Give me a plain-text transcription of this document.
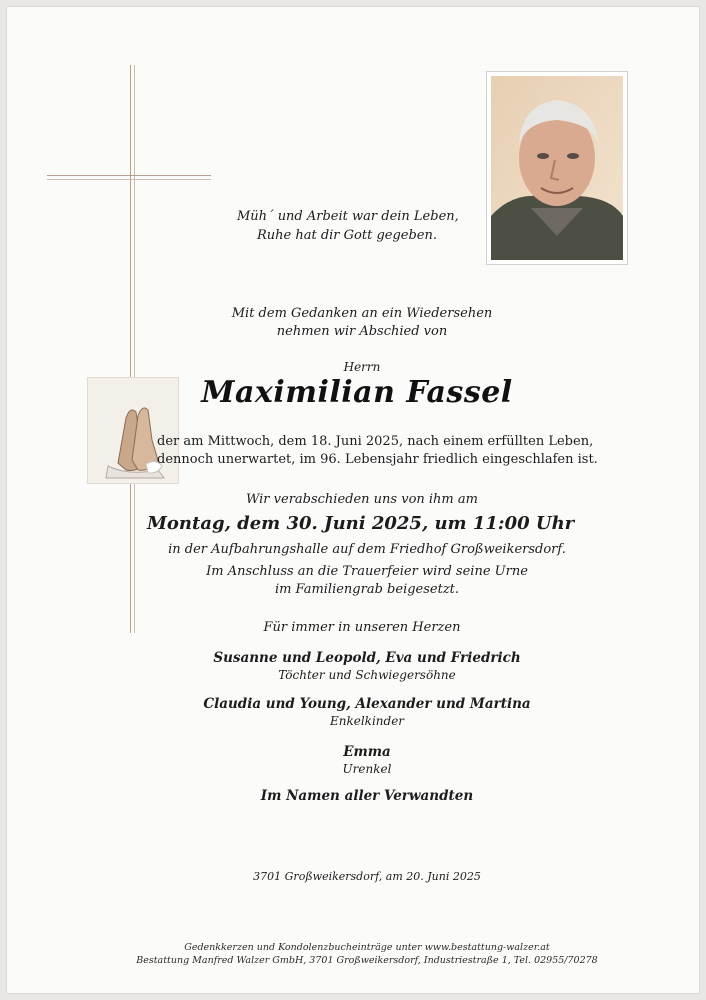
Müh´ und Arbeit war dein Leben,
Ruhe hat dir Gott gegeben.
Mit dem Gedanken an ein Wiedersehen
nehmen wir Abschied von
Herrn
Maximilian Fassel
der am Mittwoch, dem 18. Juni 2025, nach einem erfüllten Leben,
dennoch unerwartet, im 96. Lebensjahr friedlich eingeschlafen ist.
Wir verabschieden uns von ihm am
Montag, dem 30. Juni 2025, um 11:00 Uhr
in der Aufbahrungshalle auf dem Friedhof Großweikersdorf.
Im Anschluss an die Trauerfeier wird seine Urne
im Familiengrab beigesetzt.
Für immer in unseren Herzen
Susanne und Leopold, Eva und Friedrich
Töchter und Schwiegersöhne
Claudia und Young, Alexander und Martina
Enkelkinder
Emma
Urenkel
Im Namen aller Verwandten
3701 Großweikersdorf, am 20. Juni 2025
Gedenkkerzen und Kondolenzbucheinträge unter www.bestattung-walzer.at
Bestattung Manfred Walzer GmbH, 3701 Großweikersdorf, Industriestraße 1, Tel. 02955/70278
